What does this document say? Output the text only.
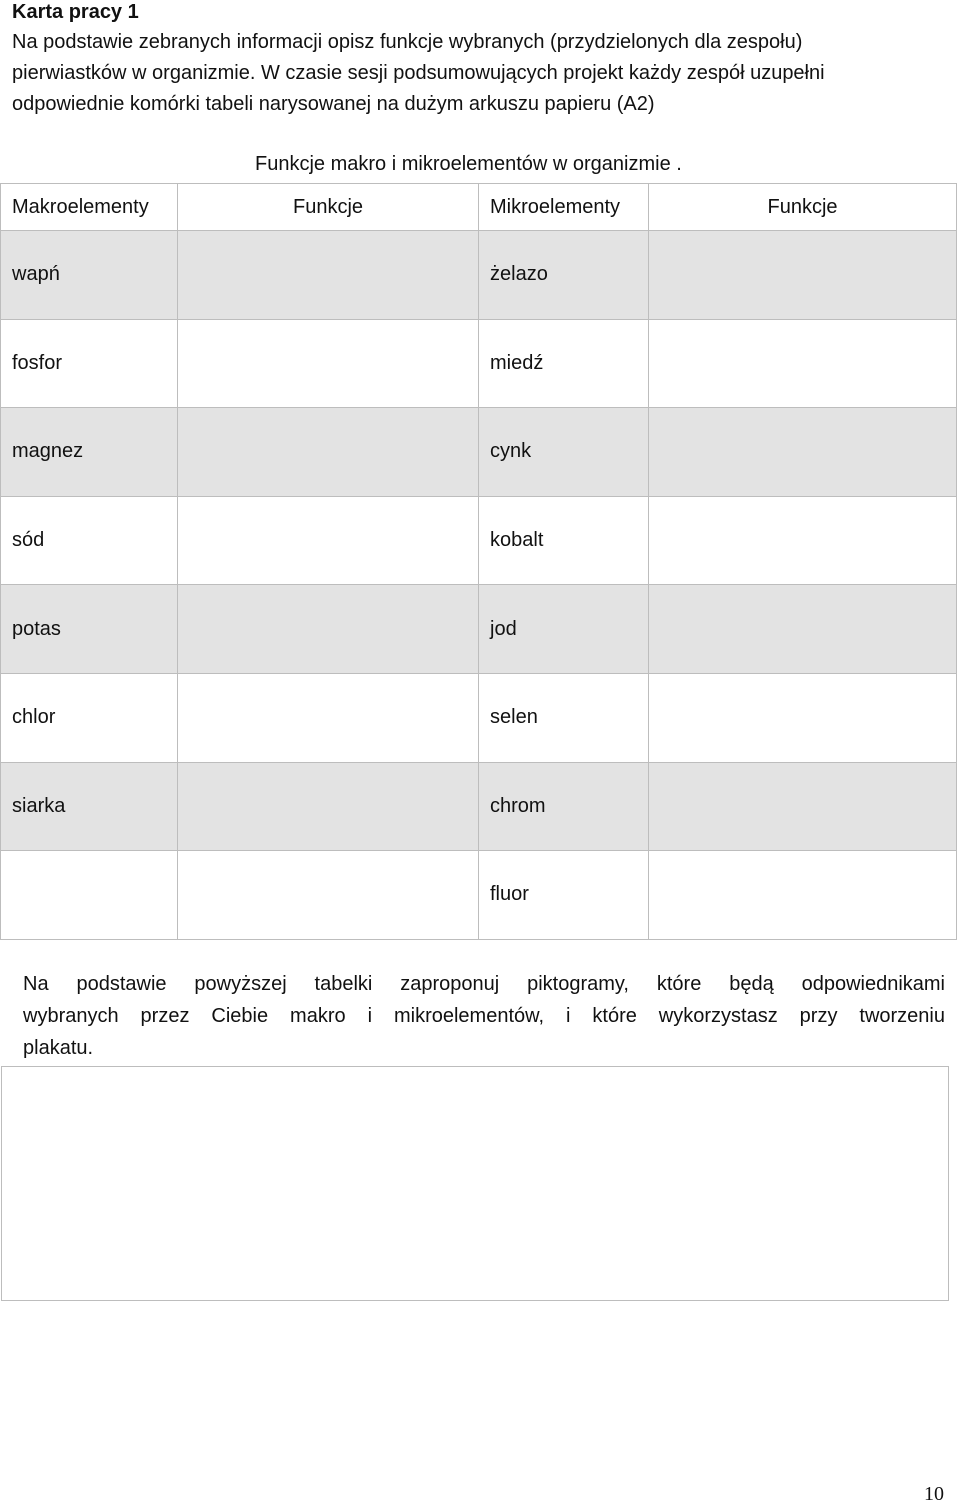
Karta pracy 1
Na podstawie zebranych informacji opisz funkcje wybranych (przydzielonych dla zespołu)
pierwiastków w organizmie. W czasie sesji podsumowujących projekt każdy zespół uzupełni
odpowiednie komórki tabeli narysowanej na dużym arkuszu papieru (A2)
Funkcje makro i mikroelementów w organizmie .
Makroelementy	Funkcje	Mikroelementy	Funkcje
wapń		żelazo	
fosfor		miedź	
magnez		cynk	
sód		kobalt	
potas		jod	
chlor		selen	
siarka		chrom	
		fluor	
Na podstawie powyższej tabelki zaproponuj piktogramy, które będą odpowiednikami
wybranych przez Ciebie makro i mikroelementów, i które wykorzystasz przy tworzeniu
plakatu.
10
